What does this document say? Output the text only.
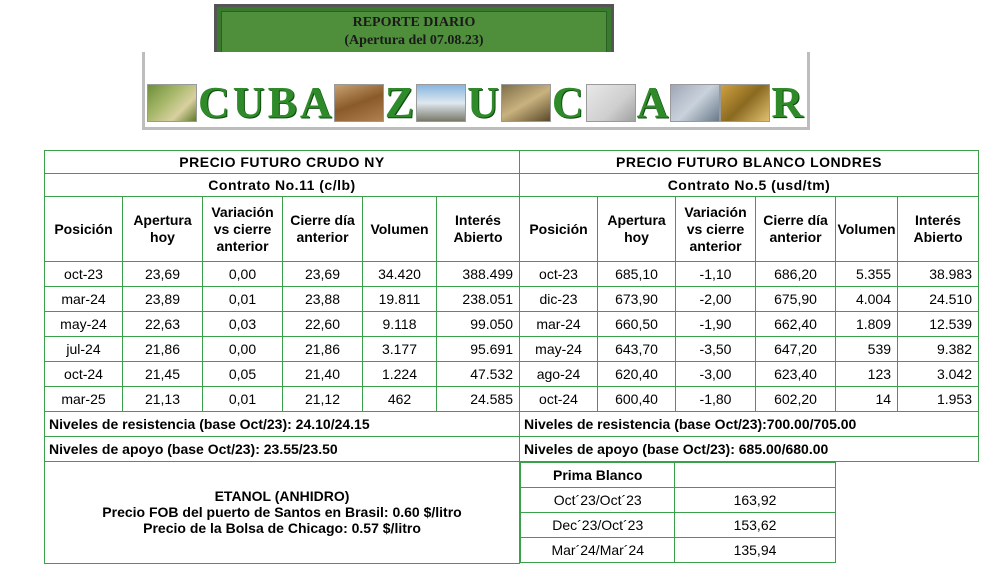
REPORTE DIARIO
(Apertura del 07.08.23)
C U B A Z U C A R
PRECIO FUTURO CRUDO NY	PRECIO FUTURO BLANCO LONDRES
Contrato No.11 (c/lb)	Contrato No.5 (usd/tm)
Posición	Apertura hoy	Variación vs cierre anterior	Cierre día anterior	Volumen	Interés Abierto	Posición	Apertura hoy	Variación vs cierre anterior	Cierre día anterior	Volumen	Interés Abierto
oct-23	23,69	0,00	23,69	34.420	388.499	oct-23	685,10	-1,10	686,20	5.355	38.983
mar-24	23,89	0,01	23,88	19.811	238.051	dic-23	673,90	-2,00	675,90	4.004	24.510
may-24	22,63	0,03	22,60	9.118	99.050	mar-24	660,50	-1,90	662,40	1.809	12.539
jul-24	21,86	0,00	21,86	3.177	95.691	may-24	643,70	-3,50	647,20	539	9.382
oct-24	21,45	0,05	21,40	1.224	47.532	ago-24	620,40	-3,00	623,40	123	3.042
mar-25	21,13	0,01	21,12	462	24.585	oct-24	600,40	-1,80	602,20	14	1.953
Niveles de resistencia (base Oct/23): 24.10/24.15	Niveles de resistencia (base Oct/23):700.00/705.00
Niveles de apoyo (base Oct/23): 23.55/23.50	Niveles de apoyo (base Oct/23): 685.00/680.00

ETANOL (ANHIDRO)
Precio FOB del puerto de Santos en Brasil: 0.60 $/litro
Precio de la Bolsa de Chicago: 0.57 $/litro

Prima Blanco	
Oct´23/Oct´23	163,92
Dec´23/Oct´23	153,62
Mar´24/Mar´24	135,94
